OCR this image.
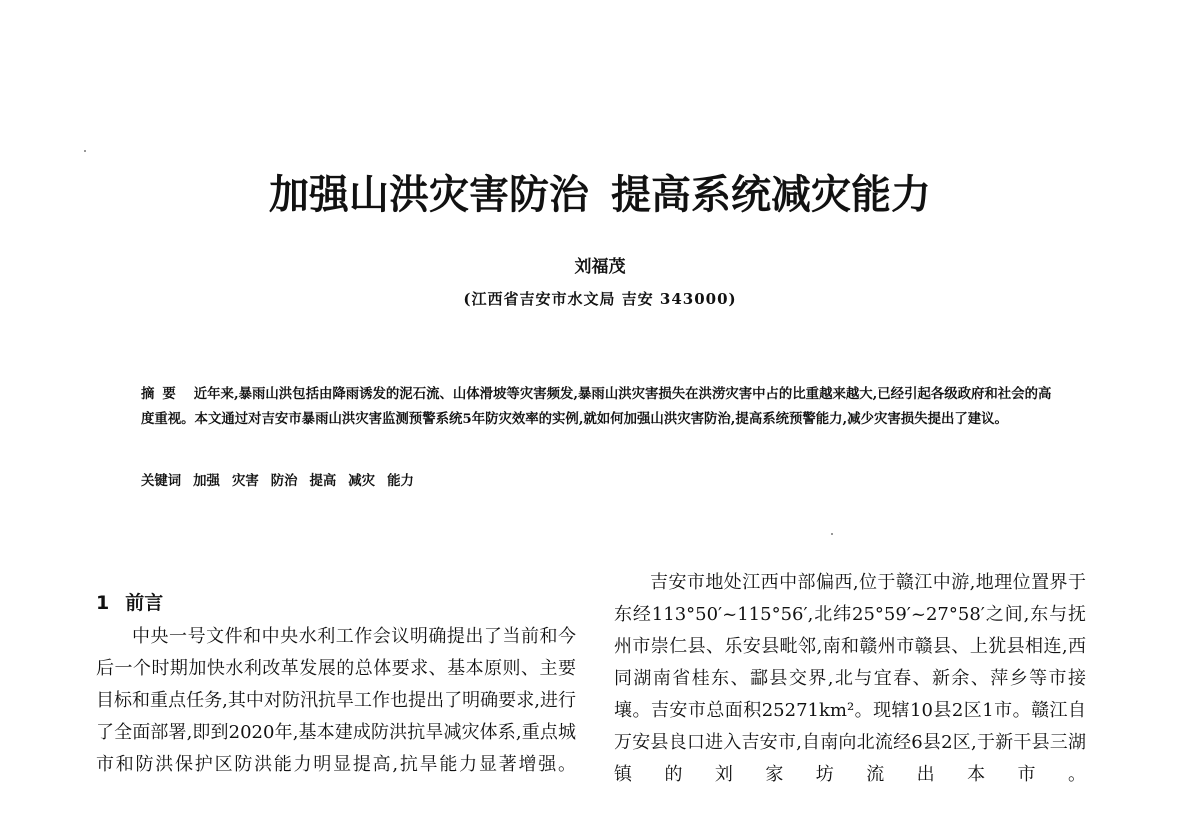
加强山洪灾害防治 提高系统减灾能力
刘福茂
(江西省吉安市水文局 吉安 343000)
摘要 近年来,暴雨山洪包括由降雨诱发的泥石流、山体滑坡等灾害频发,暴雨山洪灾害损失在洪涝灾害中占的比重越来越大,已经引起各级政府和社会的高度重视。本文通过对吉安市暴雨山洪灾害监测预警系统5年防灾效率的实例,就如何加强山洪灾害防治,提高系统预警能力,减少灾害损失提出了建议。
关键词 加强 灾害 防治 提高 减灾 能力
1 前言

中央一号文件和中央水利工作会议明确提出了当前和今后一个时期加快水利改革发展的总体要求、基本原则、主要目标和重点任务,其中对防汛抗旱工作也提出了明确要求,进行了全面部署,即到2020年,基本建成防洪抗旱减灾体系,重点城市和防洪保护区防洪能力明显提高,抗旱能力显著增强。

吉安市地处江西中部偏西,位于赣江中游,地理位置界于东经113°50′~115°56′,北纬25°59′~27°58′之间,东与抚州市崇仁县、乐安县毗邻,南和赣州市赣县、上犹县相连,西同湖南省桂东、酃县交界,北与宜春、新余、萍乡等市接壤。吉安市总面积25271km²。现辖10县2区1市。赣江自万安县良口进入吉安市,自南向北流经6县2区,于新干县三湖镇的刘家坊流出本市。
